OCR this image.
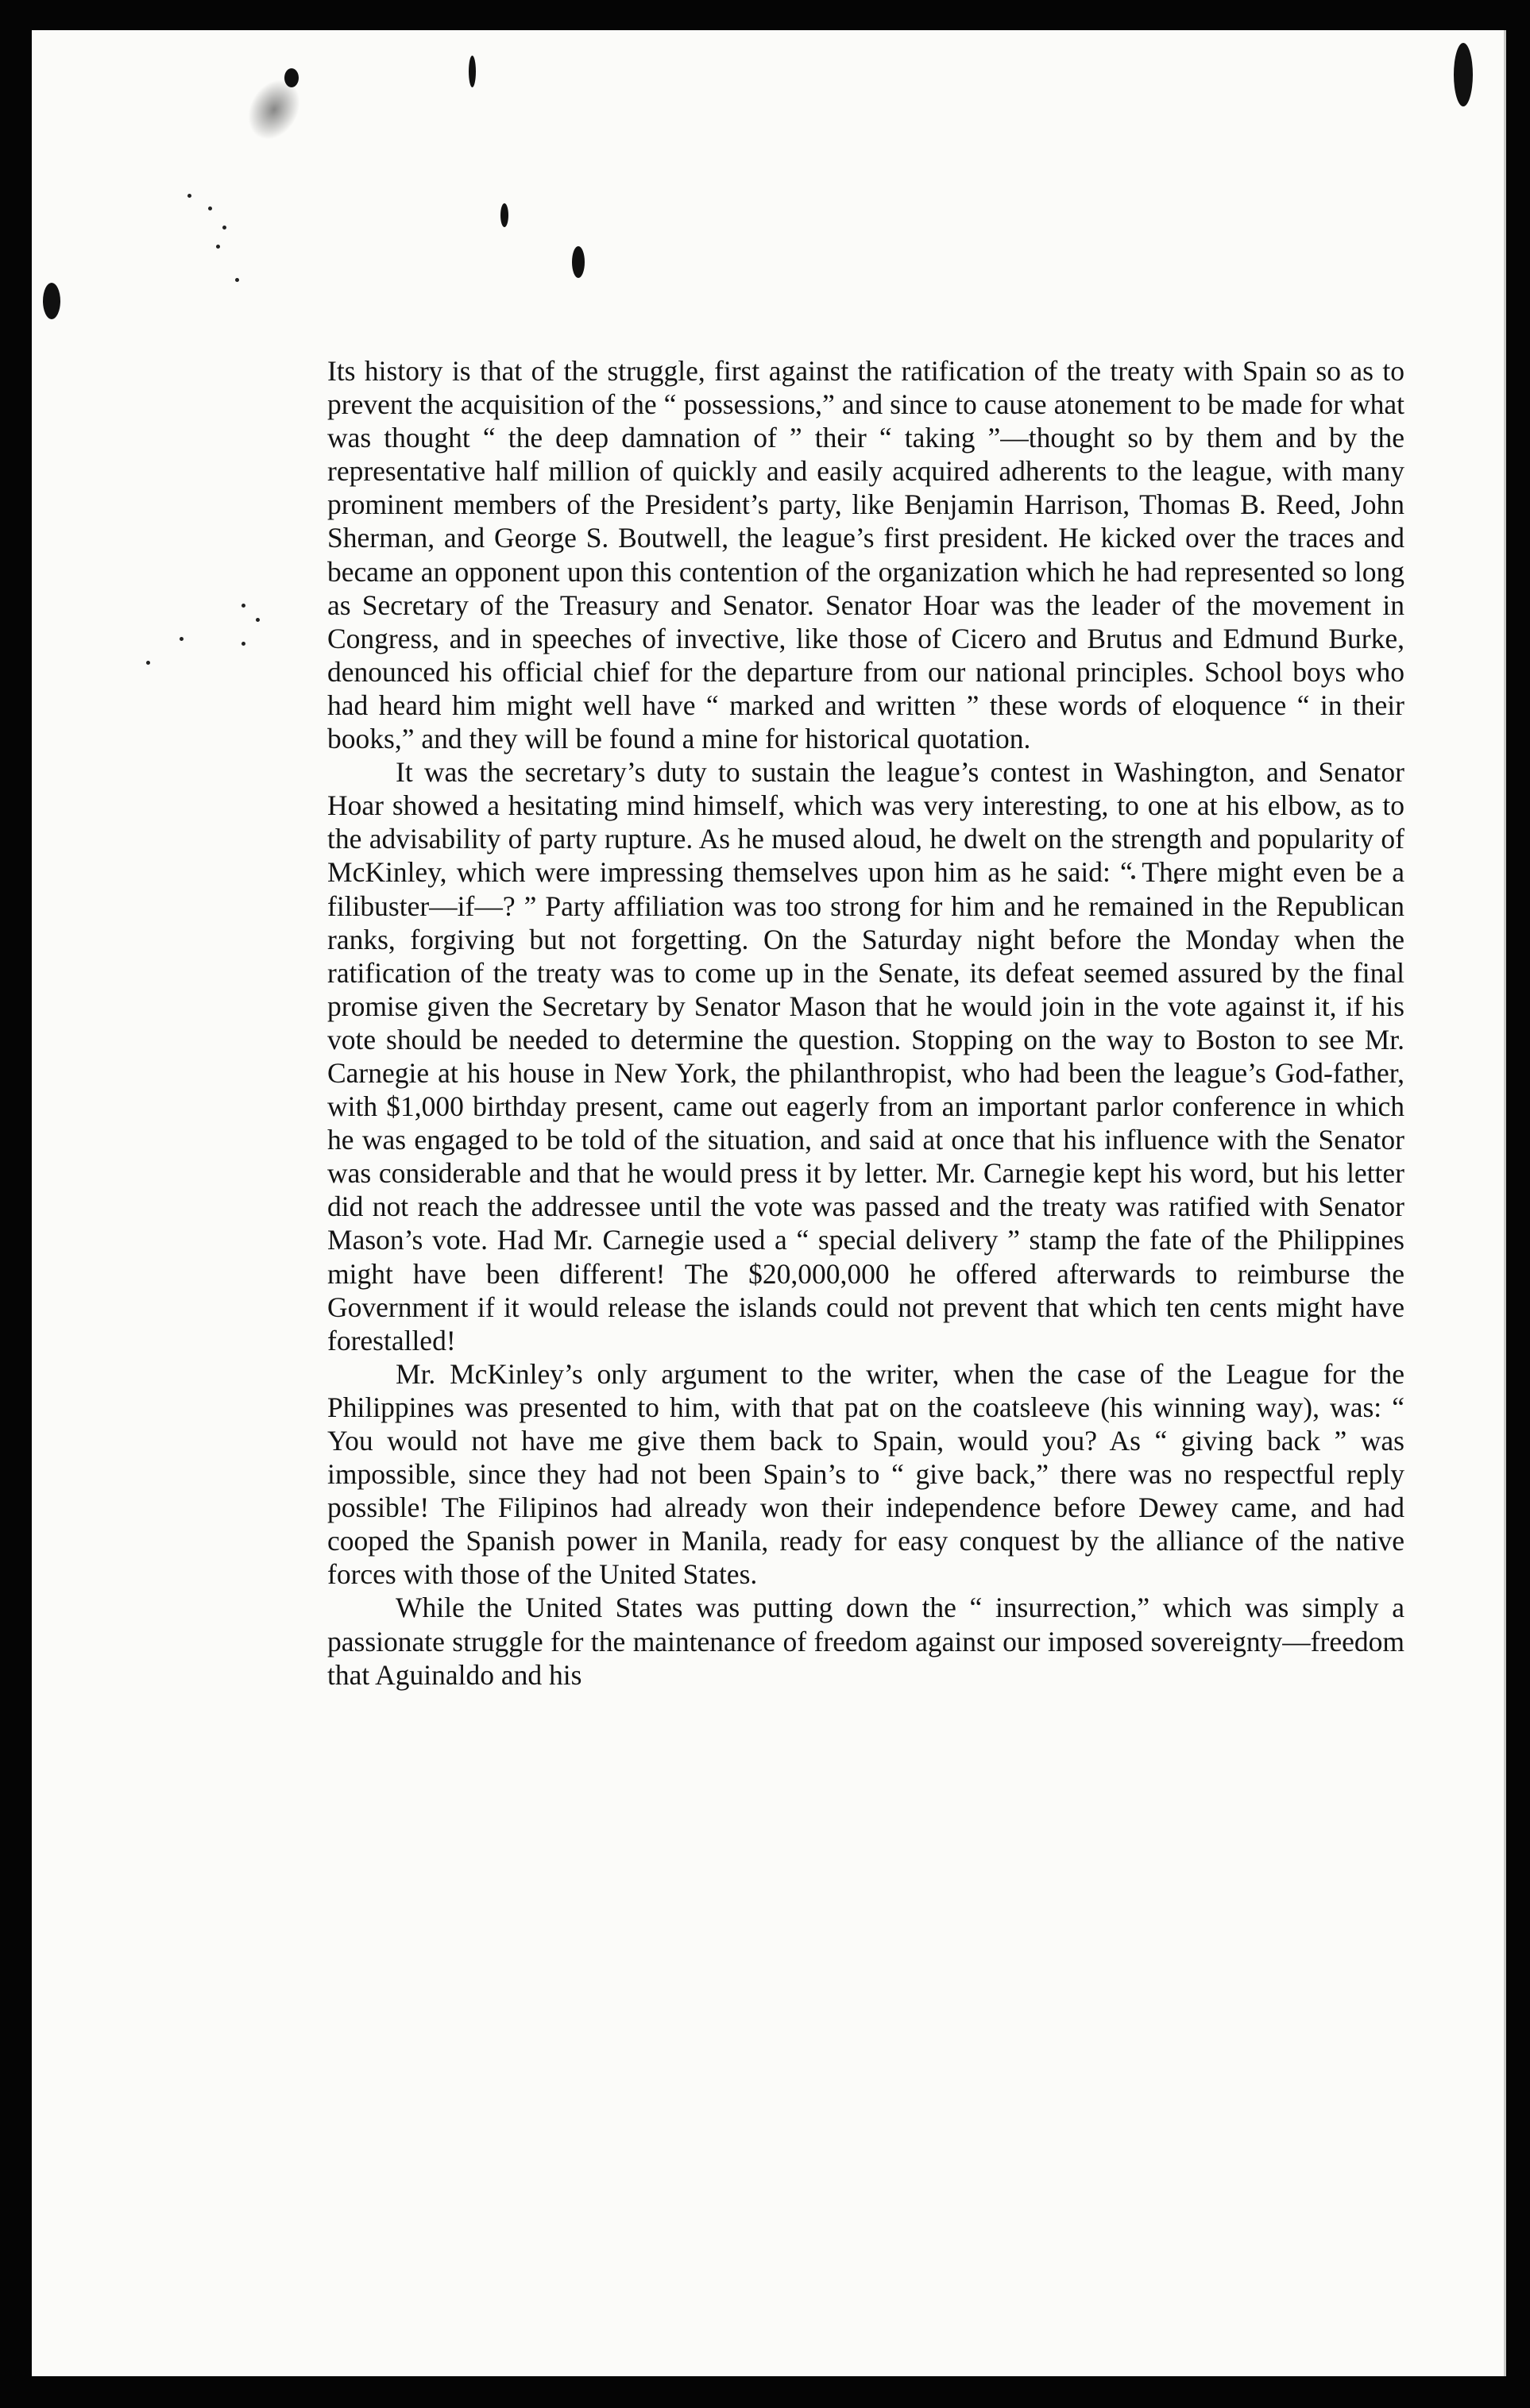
Its history is that of the struggle, first against the ratification of the treaty with Spain so as to prevent the acquisition of the “ possessions,” and since to cause atonement to be made for what was thought “ the deep damnation of ” their “ taking ”—thought so by them and by the representative half million of quickly and easily acquired adherents to the league, with many prominent members of the President’s party, like Benjamin Harrison, Thomas B. Reed, John Sherman, and George S. Boutwell, the league’s first president. He kicked over the traces and became an opponent upon this contention of the organization which he had represented so long as Secretary of the Treasury and Senator. Senator Hoar was the leader of the movement in Congress, and in speeches of invective, like those of Cicero and Brutus and Edmund Burke, denounced his official chief for the departure from our national principles. School boys who had heard him might well have “ marked and written ” these words of eloquence “ in their books,” and they will be found a mine for historical quotation.

It was the secretary’s duty to sustain the league’s contest in Washington, and Senator Hoar showed a hesitating mind himself, which was very interesting, to one at his elbow, as to the advisability of party rupture. As he mused aloud, he dwelt on the strength and popularity of McKinley, which were impressing themselves upon him as he said: “ There might even be a filibuster—if—? ” Party affiliation was too strong for him and he remained in the Republican ranks, forgiving but not forgetting. On the Saturday night before the Monday when the ratification of the treaty was to come up in the Senate, its defeat seemed assured by the final promise given the Secretary by Senator Mason that he would join in the vote against it, if his vote should be needed to determine the question. Stopping on the way to Boston to see Mr. Carnegie at his house in New York, the philanthropist, who had been the league’s God-father, with $1,000 birthday present, came out eagerly from an important parlor conference in which he was engaged to be told of the situation, and said at once that his influence with the Senator was considerable and that he would press it by letter. Mr. Carnegie kept his word, but his letter did not reach the addressee until the vote was passed and the treaty was ratified with Senator Mason’s vote. Had Mr. Carnegie used a “ special delivery ” stamp the fate of the Philippines might have been different! The $20,000,000 he offered afterwards to reimburse the Government if it would release the islands could not prevent that which ten cents might have forestalled!

Mr. McKinley’s only argument to the writer, when the case of the League for the Philippines was presented to him, with that pat on the coatsleeve (his winning way), was: “ You would not have me give them back to Spain, would you? As “ giving back ” was impossible, since they had not been Spain’s to “ give back,” there was no respectful reply possible! The Filipinos had already won their independence before Dewey came, and had cooped the Spanish power in Manila, ready for easy conquest by the alliance of the native forces with those of the United States.

While the United States was putting down the “ insurrection,” which was simply a passionate struggle for the maintenance of freedom against our imposed sovereignty—freedom that Aguinaldo and his
